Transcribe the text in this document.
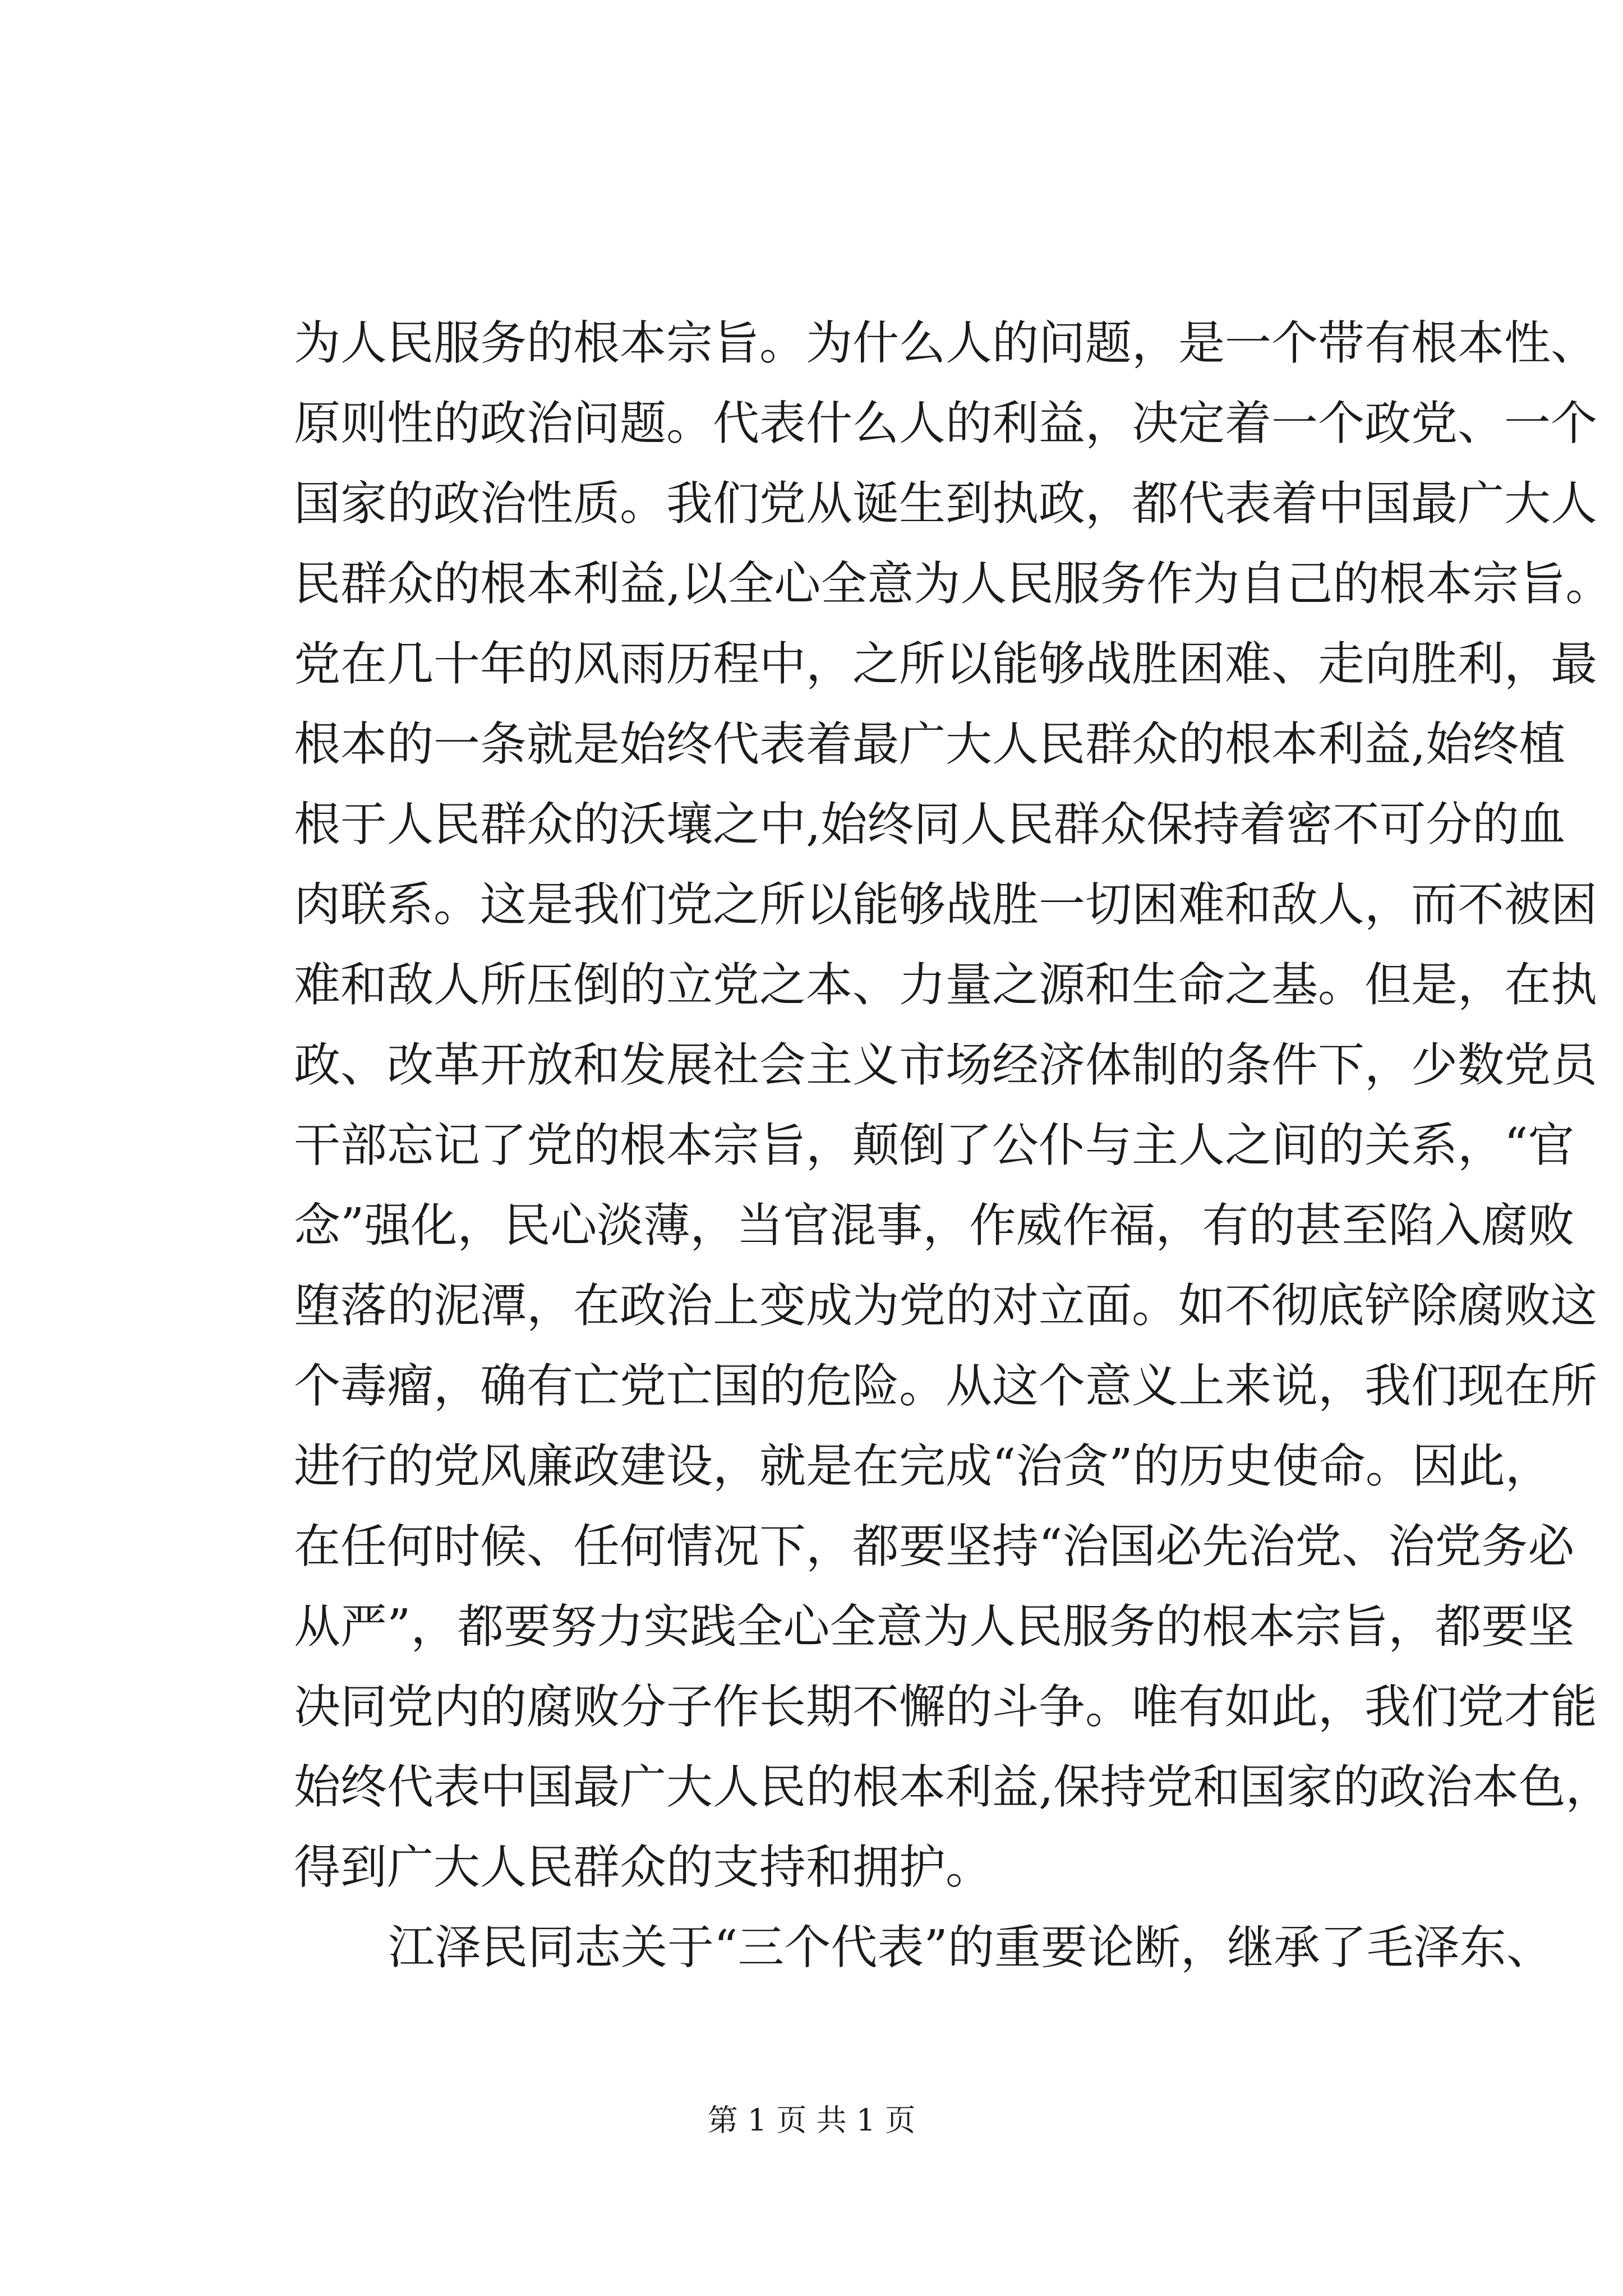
为人民服务的根本宗旨。为什么人的问题，是一个带有根本性、
原则性的政治问题。代表什么人的利益，决定着一个政党、一个
国家的政治性质。我们党从诞生到执政，都代表着中国最广大人
民群众的根本利益,以全心全意为人民服务作为自己的根本宗旨。
党在几十年的风雨历程中，之所以能够战胜困难、走向胜利，最
根本的一条就是始终代表着最广大人民群众的根本利益,始终植
根于人民群众的沃壤之中,始终同人民群众保持着密不可分的血
肉联系。这是我们党之所以能够战胜一切困难和敌人，而不被困
难和敌人所压倒的立党之本、力量之源和生命之基。但是，在执
政、改革开放和发展社会主义市场经济体制的条件下，少数党员
干部忘记了党的根本宗旨，颠倒了公仆与主人之间的关系，“官
念”强化，民心淡薄，当官混事，作威作福，有的甚至陷入腐败
堕落的泥潭，在政治上变成为党的对立面。如不彻底铲除腐败这
个毒瘤，确有亡党亡国的危险。从这个意义上来说，我们现在所
进行的党风廉政建设，就是在完成“治贪”的历史使命。因此，
在任何时候、任何情况下，都要坚持“治国必先治党、治党务必
从严”，都要努力实践全心全意为人民服务的根本宗旨，都要坚
决同党内的腐败分子作长期不懈的斗争。唯有如此，我们党才能
始终代表中国最广大人民的根本利益,保持党和国家的政治本色，
得到广大人民群众的支持和拥护。
江泽民同志关于“三个代表”的重要论断，继承了毛泽东、
第 1 页 共 1 页
